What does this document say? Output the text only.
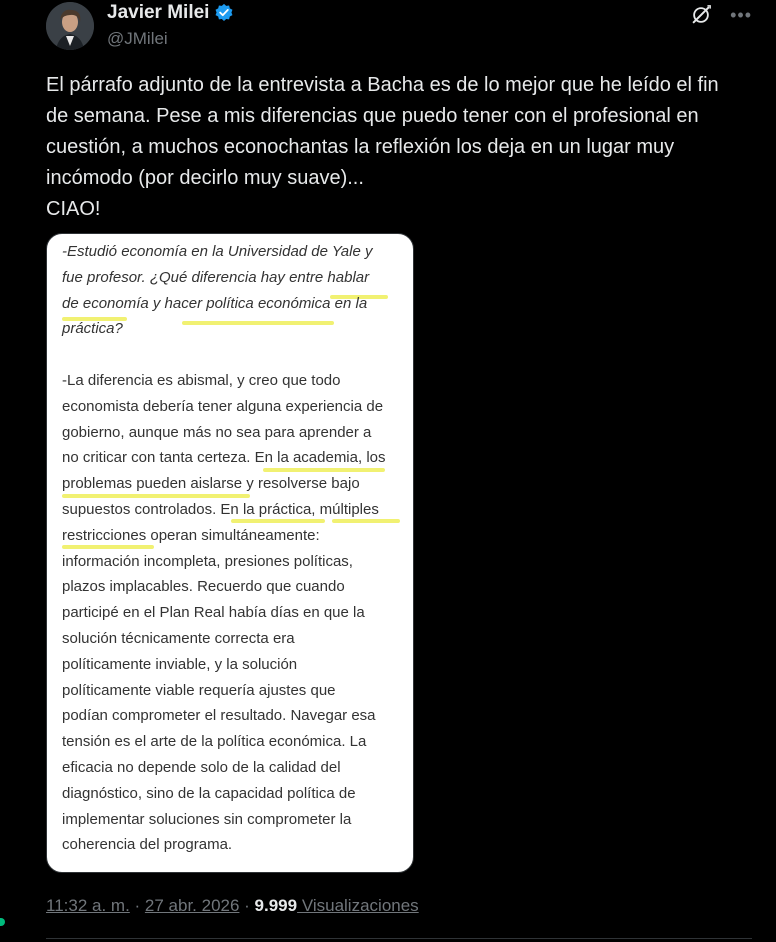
Javier Milei
@JMilei
•••
El párrafo adjunto de la entrevista a Bacha es de lo mejor que he leído el fin
de semana. Pese a mis diferencias que puedo tener con el profesional en
cuestión, a muchos econochantas la reflexión los deja en un lugar muy
incómodo (por decirlo muy suave)...
CIAO!
-Estudió economía en la Universidad de Yale y
fue profesor. ¿Qué diferencia hay entre hablar
de economía y hacer política económica en la
práctica?
-La diferencia es abismal, y creo que todo
economista debería tener alguna experiencia de
gobierno, aunque más no sea para aprender a
no criticar con tanta certeza. En la academia, los
problemas pueden aislarse y resolverse bajo
supuestos controlados. En la práctica, múltiples
restricciones operan simultáneamente:
información incompleta, presiones políticas,
plazos implacables. Recuerdo que cuando
participé en el Plan Real había días en que la
solución técnicamente correcta era
políticamente inviable, y la solución
políticamente viable requería ajustes que
podían comprometer el resultado. Navegar esa
tensión es el arte de la política económica. La
eficacia no depende solo de la calidad del
diagnóstico, sino de la capacidad política de
implementar soluciones sin comprometer la
coherencia del programa.
11:32 a. m. · 27 abr. 2026 · 9.999 Visualizaciones
